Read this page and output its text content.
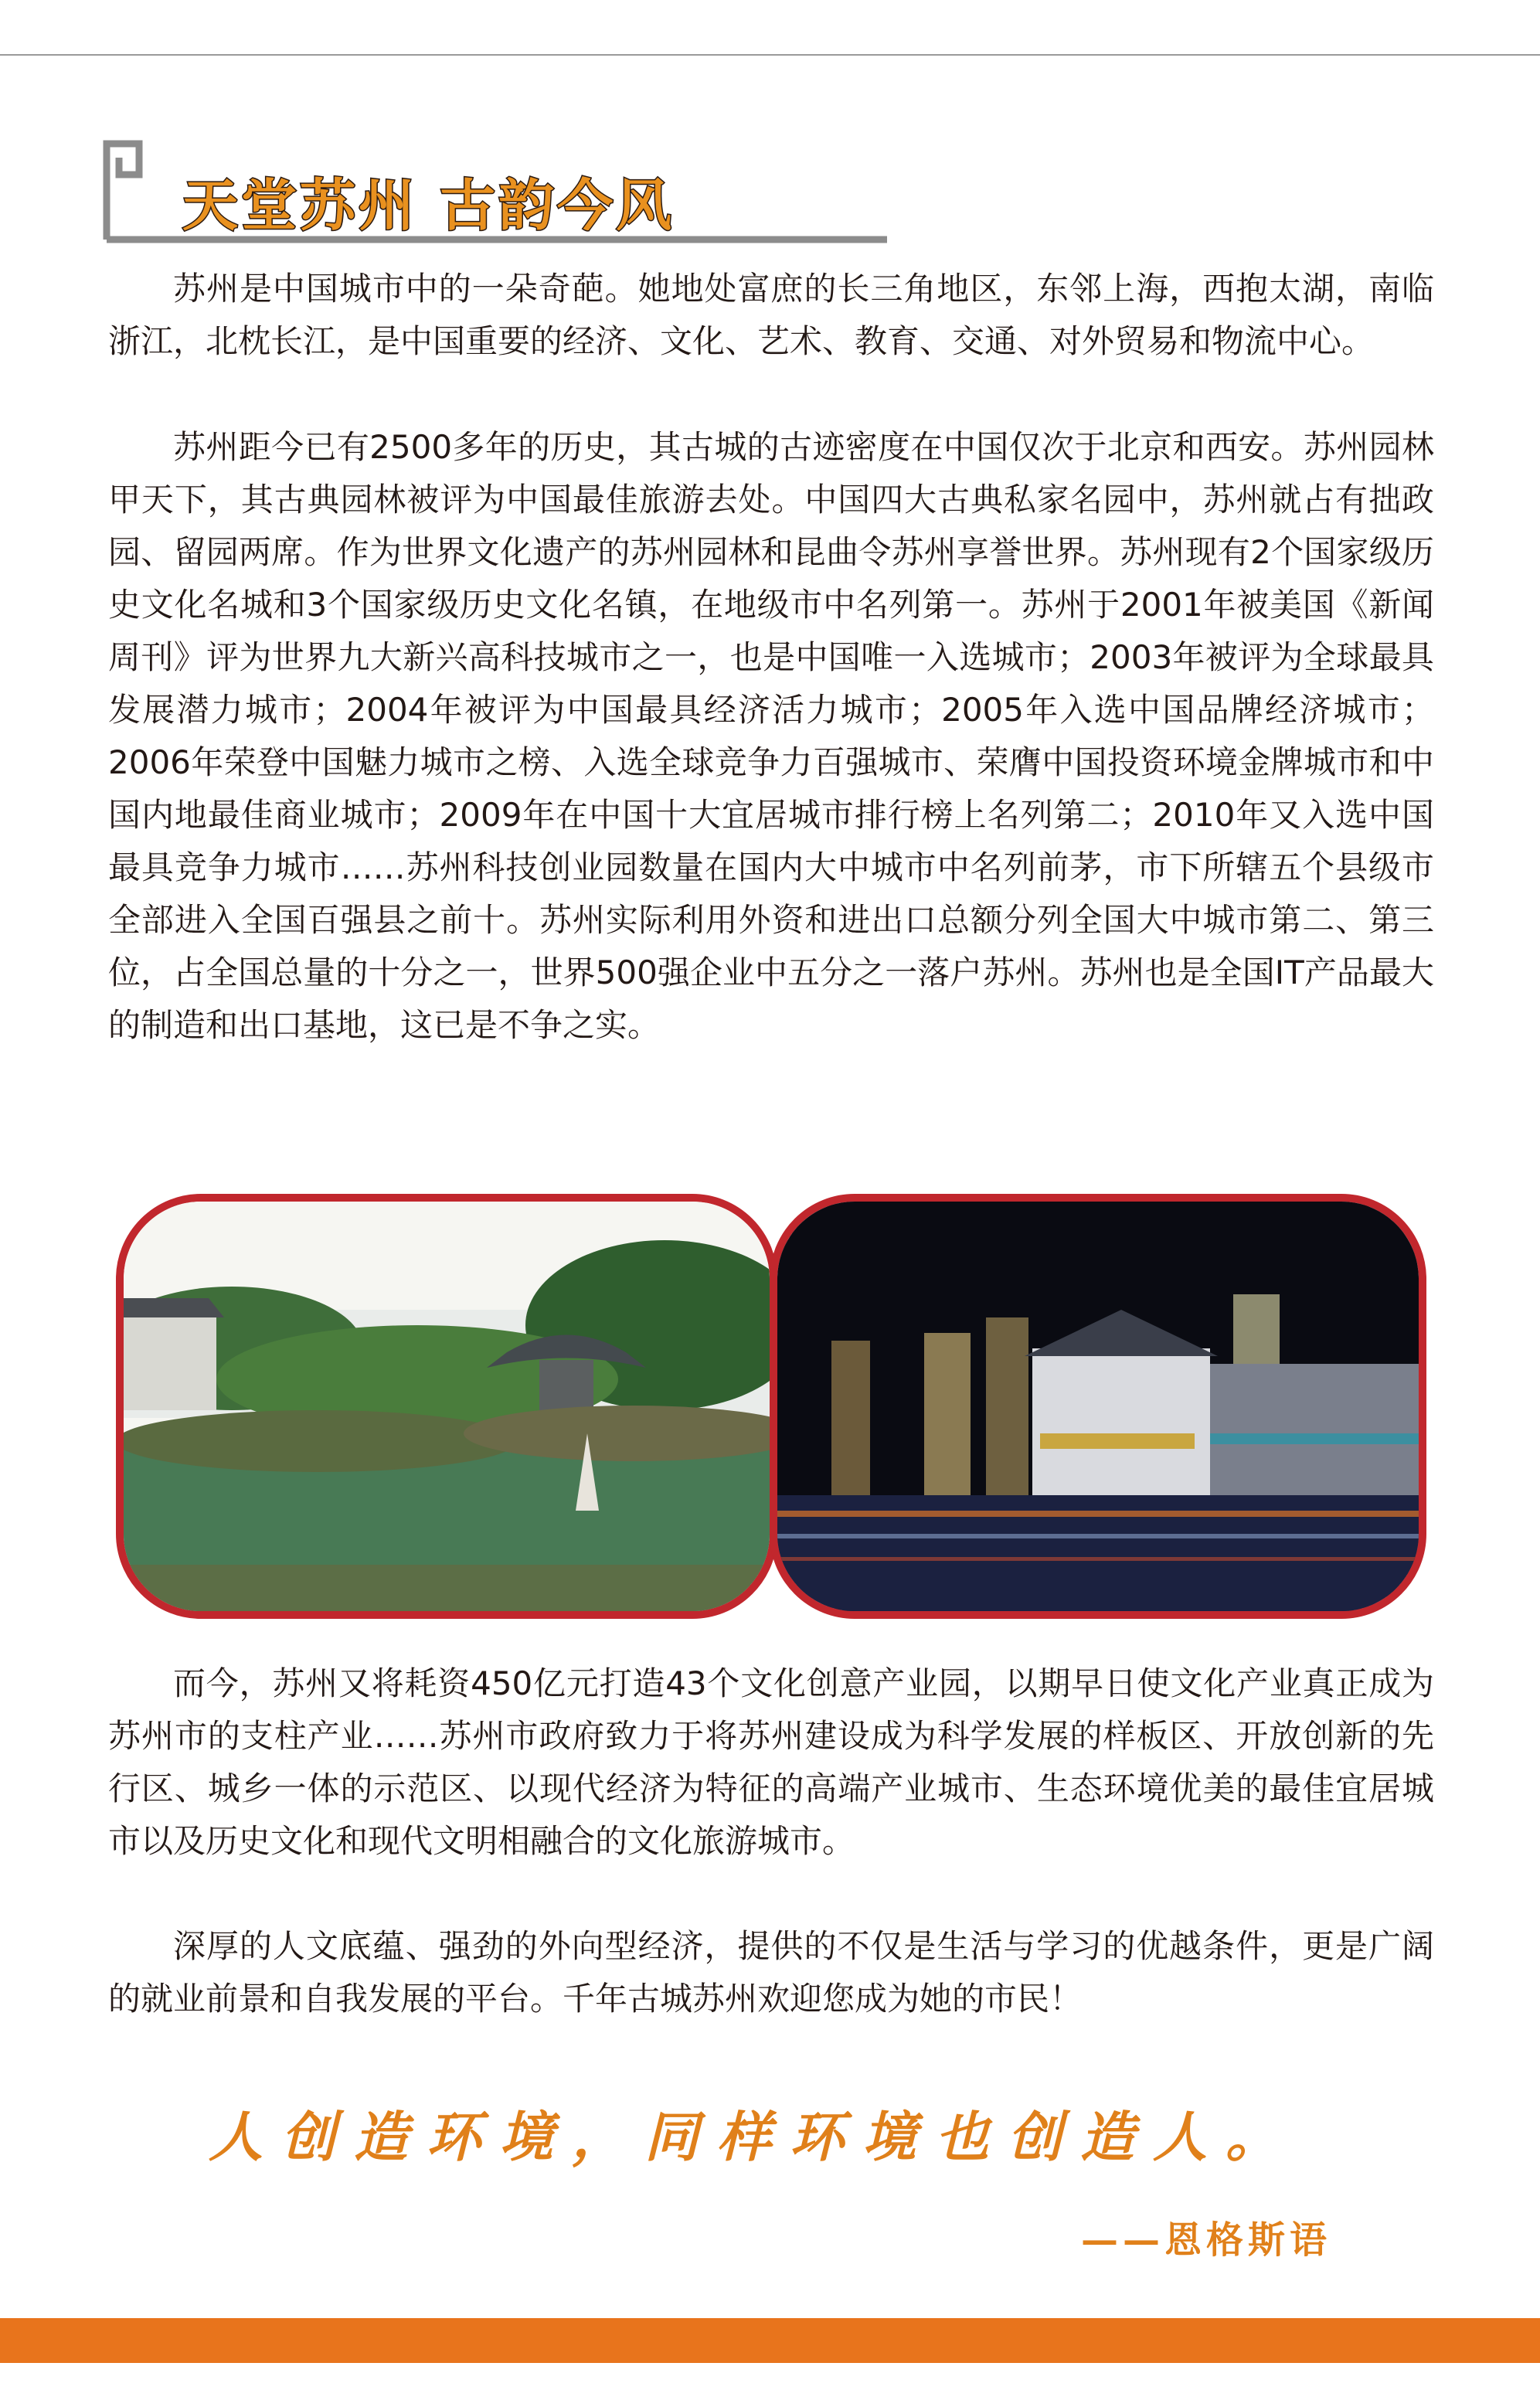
天堂苏州 古韵今风

苏州是中国城市中的一朵奇葩。她地处富庶的长三角地区，东邻上海，西抱太湖，南临浙江，北枕长江，是中国重要的经济、文化、艺术、教育、交通、对外贸易和物流中心。

苏州距今已有2500多年的历史，其古城的古迹密度在中国仅次于北京和西安。苏州园林甲天下，其古典园林被评为中国最佳旅游去处。中国四大古典私家名园中，苏州就占有拙政园、留园两席。作为世界文化遗产的苏州园林和昆曲令苏州享誉世界。苏州现有2个国家级历史文化名城和3个国家级历史文化名镇，在地级市中名列第一。苏州于2001年被美国《新闻周刊》评为世界九大新兴高科技城市之一，也是中国唯一入选城市；2003年被评为全球最具发展潜力城市；2004年被评为中国最具经济活力城市；2005年入选中国品牌经济城市；2006年荣登中国魅力城市之榜、入选全球竞争力百强城市、荣膺中国投资环境金牌城市和中国内地最佳商业城市；2009年在中国十大宜居城市排行榜上名列第二；2010年又入选中国最具竞争力城市……苏州科技创业园数量在国内大中城市中名列前茅，市下所辖五个县级市全部进入全国百强县之前十。苏州实际利用外资和进出口总额分列全国大中城市第二、第三位，占全国总量的十分之一，世界500强企业中五分之一落户苏州。苏州也是全国IT产品最大的制造和出口基地，这已是不争之实。

而今，苏州又将耗资450亿元打造43个文化创意产业园，以期早日使文化产业真正成为苏州市的支柱产业……苏州市政府致力于将苏州建设成为科学发展的样板区、开放创新的先行区、城乡一体的示范区、以现代经济为特征的高端产业城市、生态环境优美的最佳宜居城市以及历史文化和现代文明相融合的文化旅游城市。

深厚的人文底蕴、强劲的外向型经济，提供的不仅是生活与学习的优越条件，更是广阔的就业前景和自我发展的平台。千年古城苏州欢迎您成为她的市民！

人创造环境，同样环境也创造人。
——恩格斯语
